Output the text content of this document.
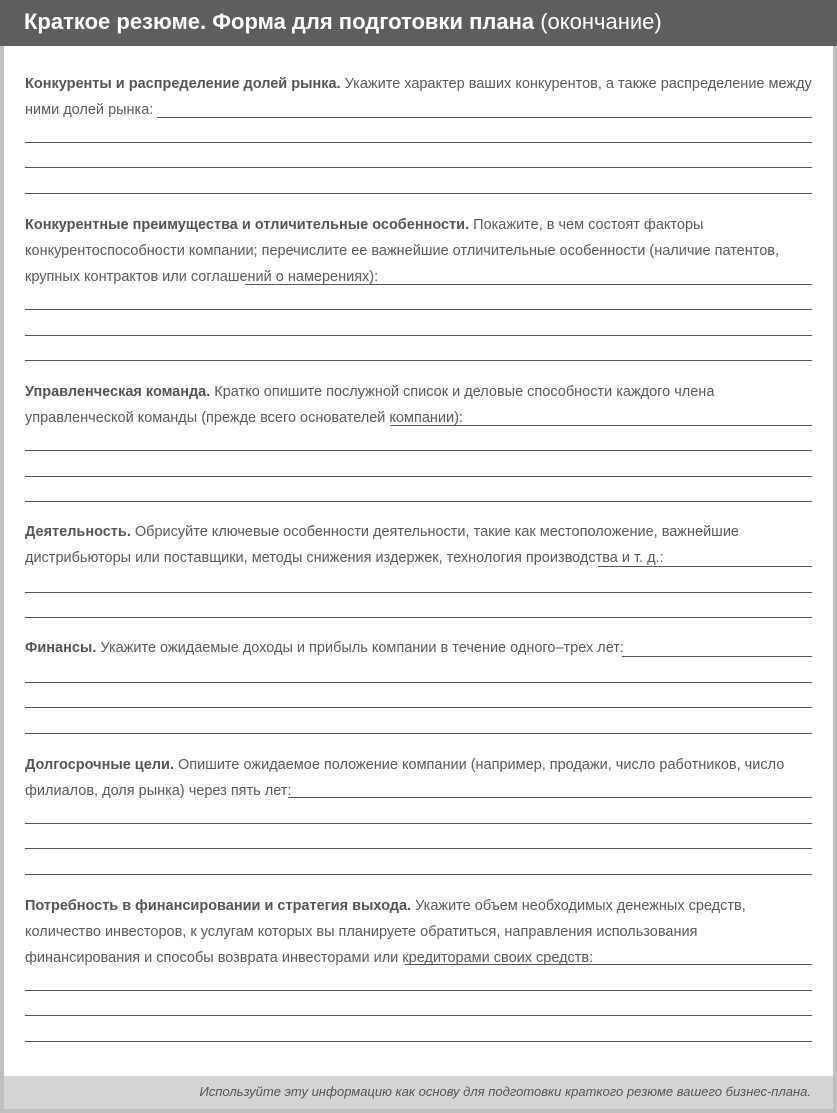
Краткое резюме. Форма для подготовки плана (окончание)
Конкуренты и распределение долей рынка. Укажите характер ваших конкурентов, а также распределение между ними долей рынка:
Конкурентные преимущества и отличительные особенности. Покажите, в чем состоят факторы конкурентоспособности компании; перечислите ее важнейшие отличительные особенности (наличие патентов, крупных контрактов или соглашений о намерениях):
Управленческая команда. Кратко опишите послужной список и деловые способности каждого члена управленческой команды (прежде всего основателей компании):
Деятельность. Обрисуйте ключевые особенности деятельности, такие как местоположение, важнейшие дистрибьюторы или поставщики, методы снижения издержек, технология производства и т. д.:
Финансы. Укажите ожидаемые доходы и прибыль компании в течение одного–трех лет:
Долгосрочные цели. Опишите ожидаемое положение компании (например, продажи, число работников, число филиалов, доля рынка) через пять лет:
Потребность в финансировании и стратегия выхода. Укажите объем необходимых денежных средств, количество инвесторов, к услугам которых вы планируете обратиться, направления использования финансирования и способы возврата инвесторами или кредиторами своих средств:
Используйте эту информацию как основу для подготовки краткого резюме вашего бизнес-плана.
